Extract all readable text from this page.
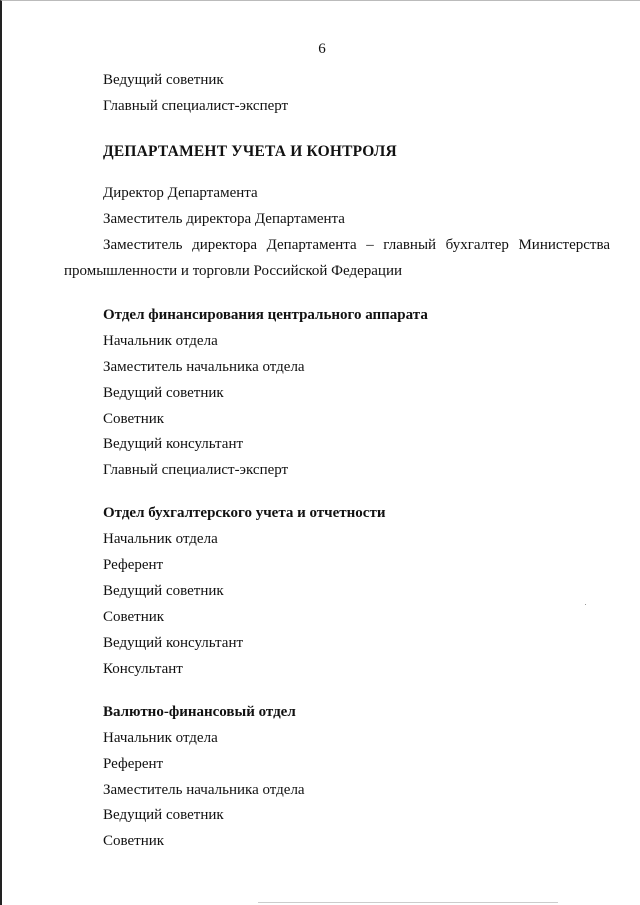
6
Ведущий советник
Главный специалист-эксперт
ДЕПАРТАМЕНТ УЧЕТА И КОНТРОЛЯ
Директор Департамента
Заместитель директора Департамента
Заместитель директора Департамента – главный бухгалтер Министерства промышленности и торговли Российской Федерации
Отдел финансирования центрального аппарата
Начальник отдела
Заместитель начальника отдела
Ведущий советник
Советник
Ведущий консультант
Главный специалист-эксперт
Отдел бухгалтерского учета и отчетности
Начальник отдела
Референт
Ведущий советник
Советник
Ведущий консультант
Консультант
Валютно-финансовый отдел
Начальник отдела
Референт
Заместитель начальника отдела
Ведущий советник
Советник
